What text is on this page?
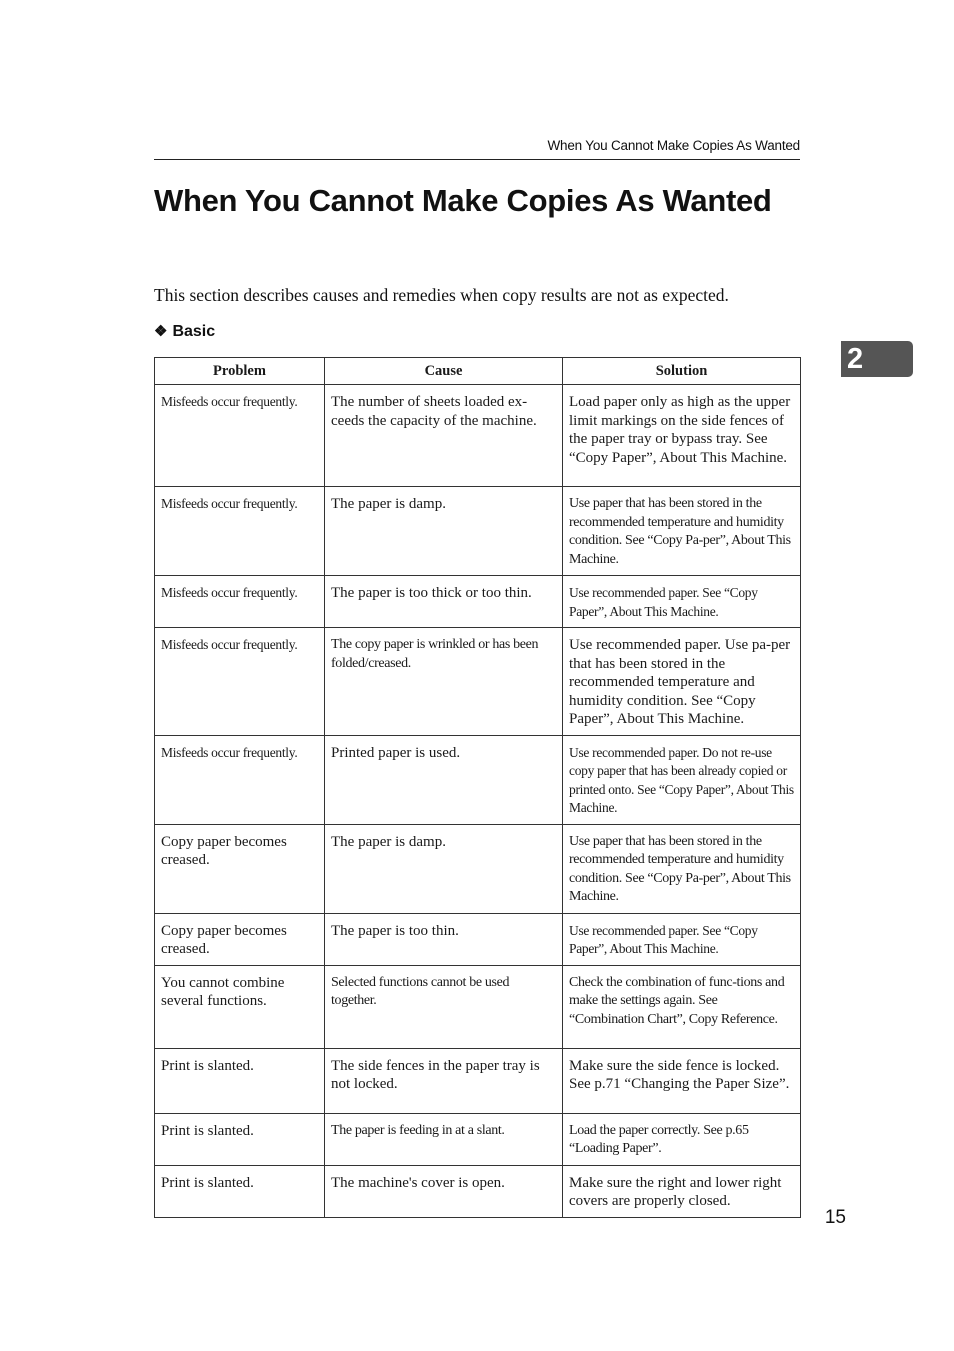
When You Cannot Make Copies As Wanted
When You Cannot Make Copies As Wanted

This section describes causes and remedies when copy results are not as expected.

❖ Basic
2
Problem	Cause	Solution
Misfeeds occur frequently.	The number of sheets loaded ex-ceeds the capacity of the machine.	Load paper only as high as the upper limit markings on the side fences of the paper tray or bypass tray. See “Copy Paper”, About This Machine.
Misfeeds occur frequently.	The paper is damp.	Use paper that has been stored in the recommended temperature and humidity condition. See “Copy Pa-per”, About This Machine.
Misfeeds occur frequently.	The paper is too thick or too thin.	Use recommended paper. See “Copy Paper”, About This Machine.
Misfeeds occur frequently.	The copy paper is wrinkled or has been folded/creased.	Use recommended paper. Use pa-per that has been stored in the recommended temperature and humidity condition. See “Copy Paper”, About This Machine.
Misfeeds occur frequently.	Printed paper is used.	Use recommended paper. Do not re-use copy paper that has been already copied or printed onto. See “Copy Paper”, About This Machine.
Copy paper becomes creased.	The paper is damp.	Use paper that has been stored in the recommended temperature and humidity condition. See “Copy Pa-per”, About This Machine.
Copy paper becomes creased.	The paper is too thin.	Use recommended paper. See “Copy Paper”, About This Machine.
You cannot combine several functions.	Selected functions cannot be used together.	Check the combination of func-tions and make the settings again. See “Combination Chart”, Copy Reference.
Print is slanted.	The side fences in the paper tray is not locked.	Make sure the side fence is locked. See p.71 “Changing the Paper Size”.
Print is slanted.	The paper is feeding in at a slant.	Load the paper correctly. See p.65 “Loading Paper”.
Print is slanted.	The machine's cover is open.	Make sure the right and lower right covers are properly closed.
15
